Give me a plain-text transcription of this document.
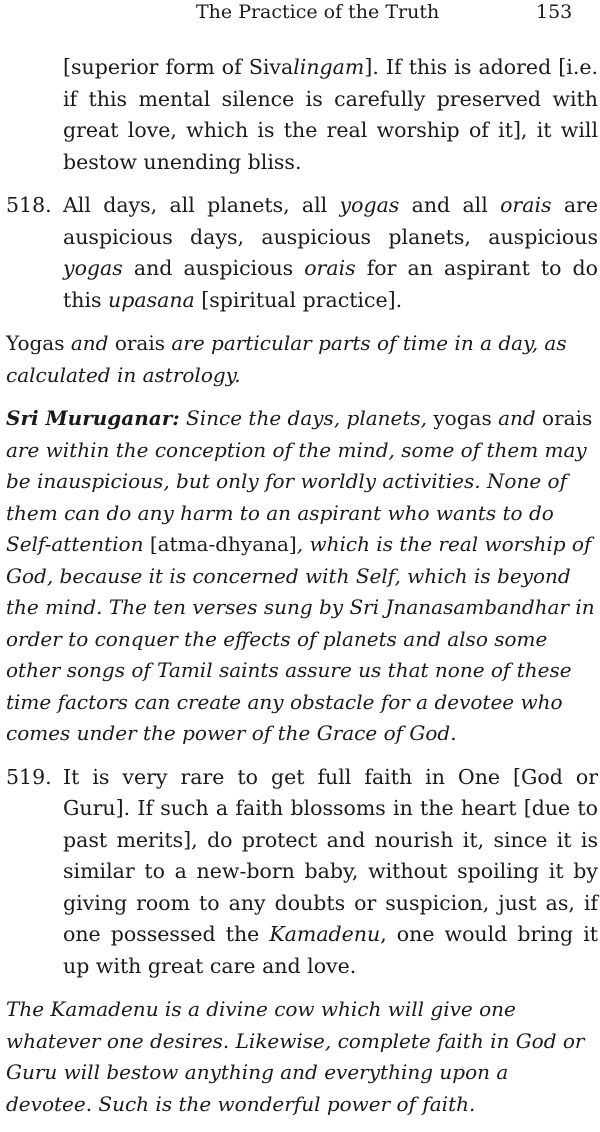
The Practice of the Truth	153

[superior form of Sivalingam]. If this is adored [i.e. if this mental silence is carefully preserved with great love, which is the real worship of it], it will bestow unending bliss.

518. All days, all planets, all yogas and all orais are auspicious days, auspicious planets, auspicious yogas and auspicious orais for an aspirant to do this upasana [spiritual practice].

Yogas and orais are particular parts of time in a day, as calculated in astrology.

Sri Muruganar: Since the days, planets, yogas and orais are within the conception of the mind, some of them may be inauspicious, but only for worldly activities. None of them can do any harm to an aspirant who wants to do Self-attention [atma-dhyana], which is the real worship of God, because it is concerned with Self, which is beyond the mind. The ten verses sung by Sri Jnanasambandhar in order to conquer the effects of planets and also some other songs of Tamil saints assure us that none of these time factors can create any obstacle for a devotee who comes under the power of the Grace of God.

519. It is very rare to get full faith in One [God or Guru]. If such a faith blossoms in the heart [due to past merits], do protect and nourish it, since it is similar to a new-born baby, without spoiling it by giving room to any doubts or suspicion, just as, if one possessed the Kamadenu, one would bring it up with great care and love.

The Kamadenu is a divine cow which will give one whatever one desires. Likewise, complete faith in God or Guru will bestow anything and everything upon a devotee. Such is the wonderful power of faith.
